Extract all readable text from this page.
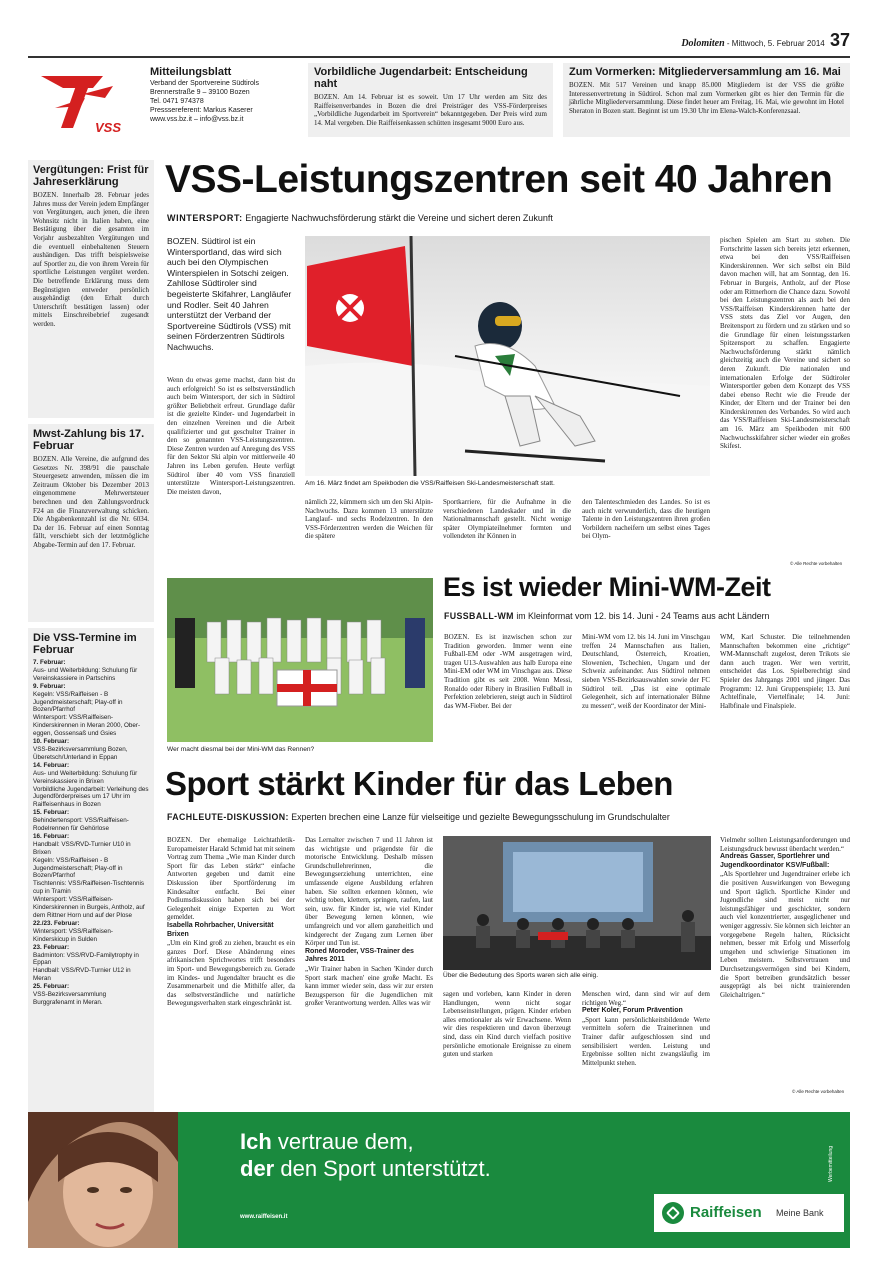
Dolomiten - Mittwoch, 5. Februar 2014 37
VSS
Mitteilungsblatt
Verband der Sportvereine Südtirols
Brennerstraße 9 – 39100 Bozen
Tel. 0471 974378
Presssereferent: Markus Kaserer
www.vss.bz.it – info@vss.bz.it
Vorbildliche Jugendarbeit: Entscheidung naht
BOZEN. Am 14. Februar ist es soweit. Um 17 Uhr werden am Sitz des Raiffeisenverbandes in Bozen die drei Preisträger des VSS-Förderpreises „Vorbildliche Jugendarbeit im Sportverein“ bekanntgegeben. Der Preis wird zum 14. Mal vergeben. Die Raiffeisenkassen schütten insgesamt 9000 Euro aus.
Zum Vormerken: Mitgliederversammlung am 16. Mai
BOZEN. Mit 517 Vereinen und knapp 85.000 Mitgliedern ist der VSS die größte Interessenvertretung in Südtirol. Schon mal zum Vormerken gibt es hier den Termin für die jährliche Mitgliederversammlung. Diese findet heuer am Freitag, 16. Mai, wie gewohnt im Hotel Sheraton in Bozen statt. Beginnt ist um 19.30 Uhr im Elena-Walch-Konferenzsaal.
Vergütungen: Frist für Jahreserklärung
BOZEN. Innerhalb 28. Februar jedes Jahres muss der Verein jedem Empfänger von Vergütungen, auch jenen, die ihren Wohnsitz nicht in Italien haben, eine Bestätigung über die gesamten im Vorjahr ausbezahlten Vergütungen und die eventuell einbehaltenen Steuern aushändigen. Das trifft beispielsweise auf Sportler zu, die von ihrem Verein für sportliche Leistungen vergütet werden. Die betreffende Erklärung muss dem Begünstigten entweder persönlich ausgehändigt (den Erhalt durch Unterschrift bestätigen lassen) oder mittels Einschreibebrief zugesandt werden.
Mwst-Zahlung bis 17. Februar
BOZEN. Alle Vereine, die aufgrund des Gesetzes Nr. 398/91 die pauschale Steuergesetz anwenden, müssen die im Zeitraum Oktober bis Dezember 2013 eingenommene Mehrwertsteuer berechnen und den Zahlungsvordruck F24 an die Finanzverwaltung schicken. Die Abgabenkennzahl ist die Nr. 6034. Da der 16. Februar auf einen Sonntag fällt, verschiebt sich der letztmögliche Abgabe-Termin auf den 17. Februar.
Die VSS-Termine im Februar
7. Februar:
Aus- und Weiterbildung: Schulung für Vereinskassiere in Partschins
9. Februar:
Kegeln: VSS/Raiffeisen - B Jugendmeisterschaft; Play-off in Bozen/Pfarrhof
Wintersport: VSS/Raiffeisen-Kinderskirennen in Meran 2000, Ober-eggen, Gossensaß und Gsies
10. Februar:
VSS-Bezirksversammlung Bozen, Überetsch/Unterland in Eppan
14. Februar:
Aus- und Weiterbildung: Schulung für Vereinskassiere in Brixen
Vorbildliche Jugendarbeit: Verleihung des Jugendförderpreises um 17 Uhr im Raiffeisenhaus in Bozen
15. Februar:
Behindertensport: VSS/Raiffeisen-Rodelrennen für Gehörlose
16. Februar:
Handball: VSS/RVD-Turnier U10 in Brixen
Kegeln: VSS/Raiffeisen - B Jugendmeisterschaft; Play-off in Bozen/Pfarrhof
Tischtennis: VSS/Raiffeisen-Tischtennis cup in Tramin
Wintersport: VSS/Raiffeisen-Kinderskirennen in Burgeis, Antholz, auf dem Rittner Horn und auf der Plose
22./23. Februar:
Wintersport: VSS/Raiffeisen-Kinderskicup in Sulden
23. Februar:
Badminton: VSS/RVD-Familytrophy in Eppan
Handball: VSS/RVD-Turnier U12 in Meran
25. Februar:
VSS-Bezirksversammlung Burggrafenamt in Meran.
VSS-Leistungszentren seit 40 Jahren
WINTERSPORT: Engagierte Nachwuchsförderung stärkt die Vereine und sichert deren Zukunft
BOZEN. Südtirol ist ein Wintersportland, das wird sich auch bei den Olympischen Winterspielen in Sotschi zeigen. Zahllose Südtiroler sind begeisterte Skifahrer, Langläufer und Rodler. Seit 40 Jahren unterstützt der Verband der Sportvereine Südtirols (VSS) mit seinen Förderzentren Südtirols Nachwuchs.
Wenn du etwas gerne machst, dann bist du auch erfolgreich! So ist es selbstverständlich auch beim Wintersport, der sich in Südtirol größter Beliebtheit erfreut. Grundlage dafür ist die gezielte Kinder- und Jugendarbeit in den einzelnen Vereinen und die Arbeit qualifizierter und gut geschulter Trainer in den so genannten VSS-Leistungszentren. Diese Zentren wurden auf Anregung des VSS für den Sektor Ski alpin vor mittlerweile 40 Jahren ins Leben gerufen. Heute verfügt Südtirol über 40 vom VSS finanziell unterstützte Wintersport-Leistungszentren. Die meisten davon,
Am 16. März findet am Speikboden die VSS/Raiffeisen Ski-Landesmeisterschaft statt.
nämlich 22, kümmern sich um den Ski Alpin-Nachwuchs. Dazu kommen 13 unterstützte Langlauf- und sechs Rodelzentren. In den VSS-Förderzentren werden die Weichen für die spätere
Sportkarriere, für die Aufnahme in die verschiedenen Landeskader und in die Nationalmannschaft gestellt. Nicht wenige später Olympiateilnehmer formten und vollendeten ihr Können in
den Talenteschmieden des Landes. So ist es auch nicht verwunderlich, dass die heutigen Talente in den Leistungszentren ihren großen Vorbildern nacheifern um selbst eines Tages bei Olym-
pischen Spielen am Start zu stehen. Die Fortschritte lassen sich bereits jetzt erkennen, etwa bei den VSS/Raiffeisen Kinderskirennen. Wer sich selbst ein Bild davon machen will, hat am Sonntag, den 16. Februar in Burgeis, Antholz, auf der Plose oder am Rittnerhorn die Chance dazu. Sowohl bei den Leistungszentren als auch bei den VSS/Raiffeisen Kinderskirennen hatte der VSS stets das Ziel vor Augen, den Breitensport zu fördern und zu stärken und so die Grundlage für einen leistungsstarken Spitzensport zu schaffen. Engagierte Nachwuchsförderung stärkt nämlich gleichzeitig auch die Vereine und sichert so deren Zukunft. Die nationalen und internationalen Erfolge der Südtiroler Wintersportler geben dem Konzept des VSS dabei ebenso Recht wie die Freude der Kinder, der Eltern und der Trainer bei den Kinderskirennen des Verbandes. So wird auch das VSS/Raiffeisen Ski-Landesmeisterschaft am 16. März am Speikboden mit 600 Nachwuchsskifahrer sicher wieder ein großes Skifest.
© Alle Rechte vorbehalten
Wer macht diesmal bei der Mini-WM das Rennen?
Es ist wieder Mini-WM-Zeit
FUSSBALL-WM im Kleinformat vom 12. bis 14. Juni - 24 Teams aus acht Ländern
BOZEN. Es ist inzwischen schon zur Tradition geworden. Immer wenn eine Fußball-EM oder -WM ausgetragen wird, tragen U13-Auswahlen aus halb Europa eine Mini-EM oder WM im Vinschgau aus. Diese Tradition gibt es seit 2008. Wenn Messi, Ronaldo oder Ribery in Brasilien Fußball in Perfektion zelebrieren, steigt auch in Südtirol das WM-Fieber. Bei der
Mini-WM vom 12. bis 14. Juni im Vinschgau treffen 24 Mannschaften aus Italien, Deutschland, Österreich, Kroatien, Slowenien, Tschechien, Ungarn und der Schweiz aufeinander. Aus Südtirol nehmen sieben VSS-Bezirksauswahlen sowie der FC Südtirol teil. „Das ist eine optimale Gelegenheit, sich auf internationaler Bühne zu messen“, weiß der Koordinator der Mini-
WM, Karl Schuster. Die teilnehmenden Mannschaften bekommen eine „richtige“ WM-Mannschaft zugelost, deren Trikots sie dann auch tragen. Wer wen vertritt, entscheidet das Los. Spielberechtigt sind Spieler des Jahrgangs 2001 und jünger. Das Programm: 12. Juni Gruppenspiele; 13. Juni Achtelfinale, Viertelfinale; 14. Juni: Halbfinale und Finalspiele.
Sport stärkt Kinder für das Leben
FACHLEUTE-DISKUSSION: Experten brechen eine Lanze für vielseitige und gezielte Bewegungsschulung im Grundschulalter
BOZEN. Der ehemalige Leichtathletik-Europameister Harald Schmid hat mit seinem Vortrag zum Thema „Wie man Kinder durch Sport für das Leben stärkt“ einfache Antworten gegeben und damit eine Diskussion über Sportförderung im Kindesalter entfacht. Bei einer Podiumsdiskussion haben sich bei der Gelegenheit einige Experten zu Wort gemeldet.
Isabella Rohrbacher, Universität Brixen
„Um ein Kind groß zu ziehen, braucht es ein ganzes Dorf. Diese Abänderung eines afrikanischen Sprichwortes trifft besonders im Sport- und Bewegungsbereich zu. Gerade im Kindes- und Jugendalter braucht es die Zusammenarbeit und die Mithilfe aller, da das selbstverständliche und natürliche Bewegungsverhalten stark eingeschränkt ist.
Das Lernalter zwischen 7 und 11 Jahren ist das wichtigste und prägendste für die motorische Entwicklung. Deshalb müssen Grundschullehrerinnen, die Bewegungserziehung unterrichten, eine umfassende eigene Ausbildung erfahren haben. Sie sollten erkennen können, wie wichtig toben, klettern, springen, raufen, laut sein, usw. für Kinder ist, wie viel Kinder über Bewegung lernen können, wie umfangreich und vor allem ganzheitlich und kindgerecht der Zugang zum Lernen über Körper und Tun ist.
Roned Moroder, VSS-Trainer des Jahres 2011
„Wir Trainer haben in Sachen 'Kinder durch Sport stark machen' eine große Macht. Es kann immer wieder sein, dass wir zur ersten Bezugsperson für die Jugendlichen mit großer Verantwortung werden. Alles was wir
Über die Bedeutung des Sports waren sich alle einig.
sagen und vorleben, kann Kinder in deren Handlungen, wenn nicht sogar Lebenseinstellungen, prägen. Kinder erleben alles emotionaler als wir Erwachsene. Wenn wir dies respektieren und davon überzeugt sind, dass ein Kind durch vielfach positive persönliche emotionale Ereignisse zu einem guten und starken
Menschen wird, dann sind wir auf dem richtigen Weg.“
Peter Koler, Forum Prävention
„Sport kann persönlichkeitsbildende Werte vermitteln sofern die Trainerinnen und Trainer dafür aufgeschlossen sind und sensibilisiert werden. Leistung und Ergebnisse sollten nicht zwangsläufig im Mittelpunkt stehen.
Vielmehr sollten Leistungsanforderungen und Leistungsdruck bewusst überdacht werden.“
Andreas Gasser, Sportlehrer und Jugendkoordinator KSV/Fußball:
„Als Sportlehrer und Jugendtrainer erlebe ich die positiven Auswirkungen von Bewegung und Sport täglich. Sportliche Kinder und Jugendliche sind meist nicht nur leistungsfähiger und geschickter, sondern auch viel konzentrierter, ausgeglichener und weniger aggressiv. Sie können sich leichter an vorgegebene Regeln halten, Rücksicht nehmen, besser mit Erfolg und Misserfolg umgehen und schwierige Situationen im Leben meistern. Selbstvertrauen und Durchsetzungsvermögen sind bei Kindern, die Sport betreiben grundsätzlich besser ausgeprägt als bei nicht trainierenden Gleichaltrigen.“
© Alle Rechte vorbehalten
Ich vertraue dem,
der den Sport unterstützt.
www.raiffeisen.it	Raiffeisen Meine Bank
Werbemitteilung
